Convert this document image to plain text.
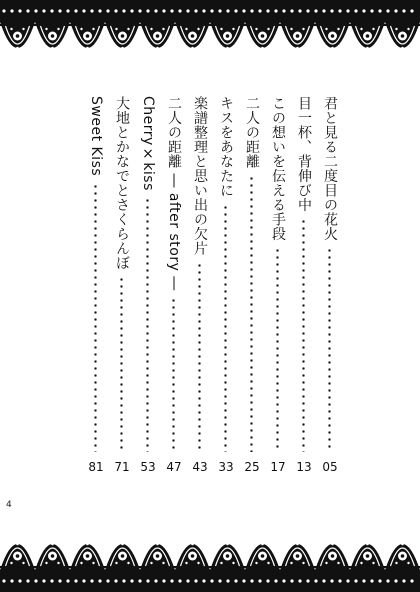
君と見る二度目の花火
05
目一杯、背伸び中
13
この想いを伝える手段
17
二人の距離
25
キスをあなたに
33
楽譜整理と思い出の欠片
43
二人の距離 ― after story ―
47
Cherry×kiss
53
大地とかなでとさくらんぼ
71
Sweet Kiss
81
4
